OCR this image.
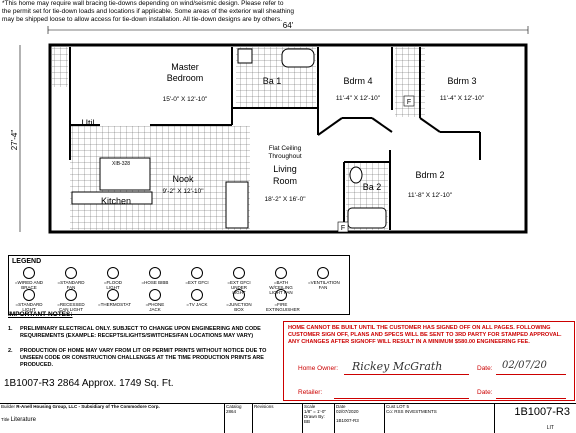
*This home may require wall bracing tie-downs depending on wind/seismic design. Please refer to
the permit set for tie-down loads and locations if applicable. Some areas of the exterior wall sheathing
may be shipped loose to allow access for tie-down installation. All tie-down designs are by others.
64'
27'-4"
Master
Bedroom
15'-0" X 12'-10"
Ba 1	Bdrm 4
11'-4" X 12'-10"
Bdrm 3
11'-4" X 12'-10"
Util
Flat Ceiling
Throughout
Living
Room
18'-2" X 16'-0"
Nook
9'-2" X 12'-10"
Kitchen
Ba 2
Bdrm 2
11'-8" X 12'-10"
XIB-328
F
F
LEGEND
=WIRED AND BRACE
=STANDARD FAN
=FLOOD LIGHT
=HOSE BIBB	=EXT GFCI	=EXT GFCI UNDER LIGHT
=BATH W/CEILING LIGHT FAN
=VENTILATION FAN
=STANDARD LIGHT
=RECESSED CAN LIGHT
=THERMOSTAT	=PHONE JACK
=TV JACK	=JUNCTION BOX
=FIRE EXTINGUISHER
IMPORTANT NOTES:
1. PRELIMINARY ELECTRICAL ONLY. SUBJECT TO CHANGE UPON ENGINEERING AND CODE REQUIREMENTS (EXAMPLE: RECEPTS/LIGHTS/SWITCHES/FAN LOCATIONS MAY VARY)
2. PRODUCTION OF HOME MAY VARY FROM LIT OR PERMIT PRINTS WITHOUT NOTICE DUE TO UNSEEN CODE OR CONSTRUCTION CHALLENGES AT THE TIME PRODUCTION PRINTS ARE PRODUCED.
HOME CANNOT BE BUILT UNTIL THE CUSTOMER HAS SIGNED OFF ON ALL PAGES. FOLLOWING CUSTOMER SIGN OFF, PLANS AND SPECS WILL BE SENT TO 3RD PARTY FOR STAMPED APPROVAL. ANY CHANGES AFTER SIGNOFF WILL RESULT IN A MINIMUM $580.00 ENGINEERING FEE.
Home Owner: Rickey McGrath	Date: 02/07/20
Retailer:	Date:
1B1007-R3 2864 Approx. 1749 Sq. Ft.
Builder R-Anell Housing Group, LLC - Subsidiary of The Commodore Corp.
Title Literature
Catalog
2864
Revisions	Scale
1/8" = 1'-0"
Drawn By:
BB
Date
02/07/2020
1B1007-R3
Cust LOT 5
Co: RSS INVESTMENTS	1B1007-R3
LIT
